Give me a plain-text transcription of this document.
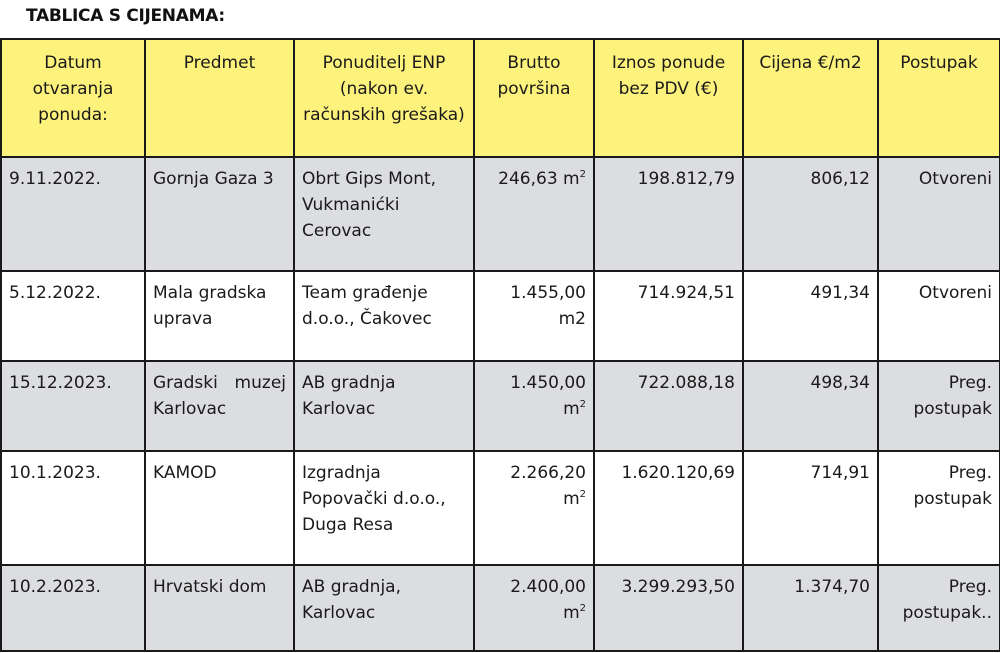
TABLICA S CIJENAMA:
Datum otvaranja ponuda:	Predmet	Ponuditelj ENP (nakon ev. računskih grešaka)	Brutto površina	Iznos ponude bez PDV (€)	Cijena €/m2	Postupak
9.11.2022.	Gornja Gaza 3	Obrt Gips Mont, Vukmanićki Cerovac	246,63 $m^2$	198.812,79	806,12	Otvoreni
5.12.2022.	Mala gradska uprava	Team građenje d.o.o., Čakovec	1.455,00 m2	714.924,51	491,34	Otvoreni
15.12.2023.	Gradski muzej Karlovac	AB gradnja Karlovac	1.450,00 $m^2$	722.088,18	498,34	Preg. postupak
10.1.2023.	KAMOD	Izgradnja Popovački d.o.o., Duga Resa	2.266,20 $m^2$	1.620.120,69	714,91	Preg. postupak
10.2.2023.	Hrvatski dom	AB gradnja, Karlovac	2.400,00 $m^2$	3.299.293,50	1.374,70	Preg. postupak..
